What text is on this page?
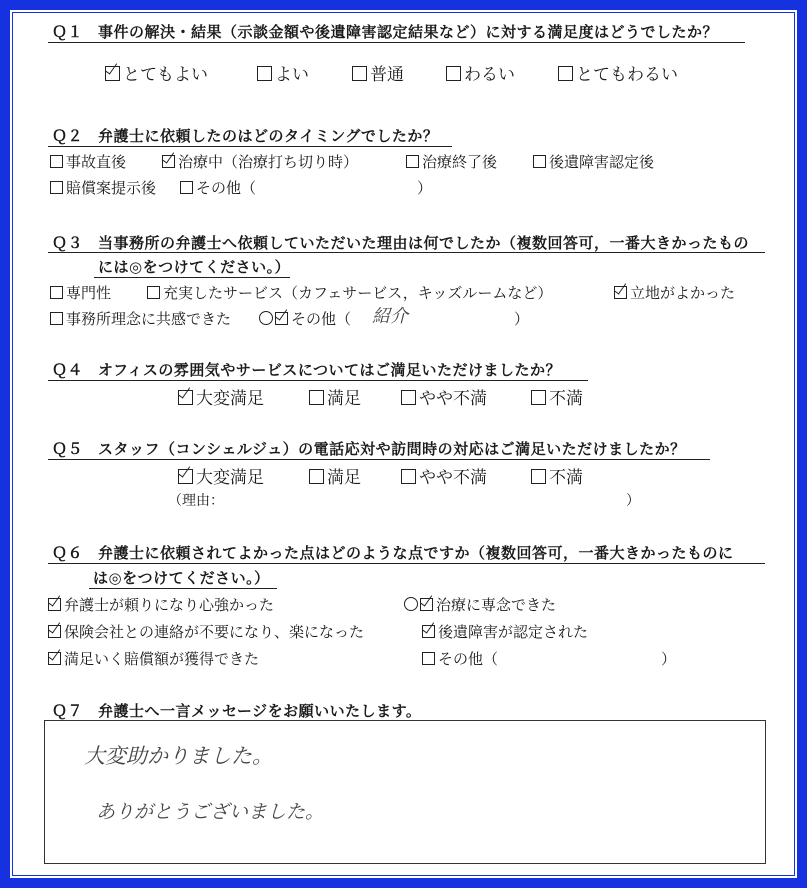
Ｑ１ 事件の解決・結果（示談金額や後遺障害認定結果など）に対する満足度はどうでしたか？
とてもよい	よい	普通	わるい	とてもわるい
Ｑ２ 弁護士に依頼したのはどのタイミングでしたか？
事故直後	治療中（治療打ち切り時）	治療終了後	後遺障害認定後
賠償案提示後	その他（	）
Ｑ３ 当事務所の弁護士へ依頼していただいた理由は何でしたか（複数回答可，一番大きかったもの
には◎をつけてください。）
専門性	充実したサービス（カフェサービス，キッズルームなど）	立地がよかった
事務所理念に共感できた	その他（ 紹介	）
Ｑ４ オフィスの雰囲気やサービスについてはご満足いただけましたか？
大変満足	満足	やや不満	不満
Ｑ５ スタッフ（コンシェルジュ）の電話応対や訪問時の対応はご満足いただけましたか？
大変満足	満足	やや不満	不満
（理由：	）
Ｑ６ 弁護士に依頼されてよかった点はどのような点ですか（複数回答可，一番大きかったものに
は◎をつけてください。）
弁護士が頼りになり心強かった	治療に専念できた
保険会社との連絡が不要になり、楽になった	後遺障害が認定された
満足いく賠償額が獲得できた	その他（	）
Ｑ７ 弁護士へ一言メッセージをお願いいたします。
大変助かりました。
ありがとうございました。
